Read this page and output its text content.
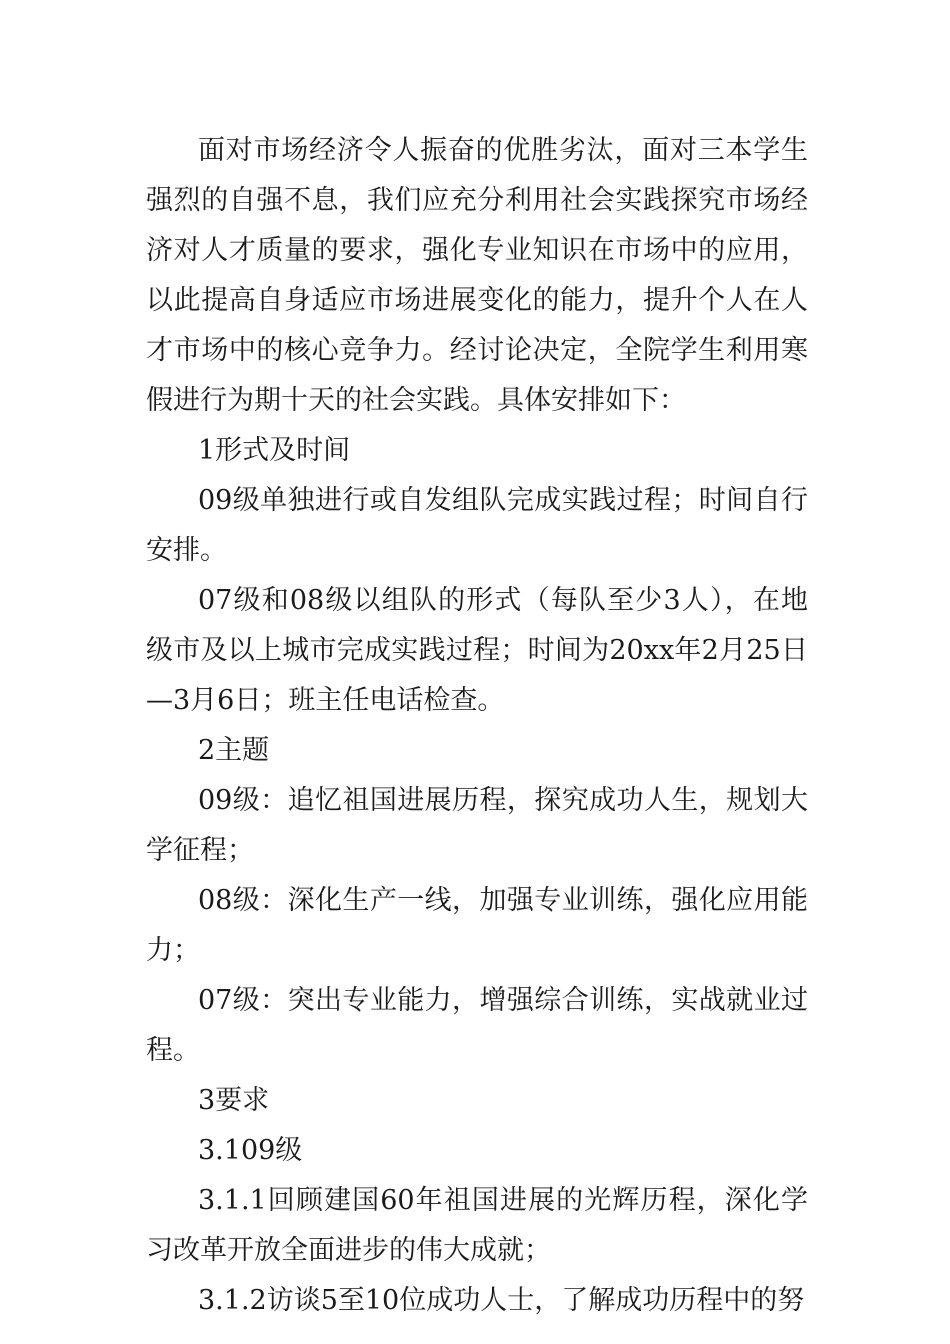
面对市场经济令人振奋的优胜劣汰，面对三本学生强烈的自强不息，我们应充分利用社会实践探究市场经济对人才质量的要求，强化专业知识在市场中的应用，以此提高自身适应市场进展变化的能力，提升个人在人才市场中的核心竞争力。经讨论决定，全院学生利用寒假进行为期十天的社会实践。具体安排如下：

1形式及时间

09级单独进行或自发组队完成实践过程；时间自行安排。

07级和08级以组队的形式（每队至少3人），在地级市及以上城市完成实践过程；时间为20xx年2月25日—3月6日；班主任电话检查。

2主题

09级：追忆祖国进展历程，探究成功人生，规划大学征程；

08级：深化生产一线，加强专业训练，强化应用能力；

07级：突出专业能力，增强综合训练，实战就业过程。

3要求

3.109级

3.1.1回顾建国60年祖国进展的光辉历程，深化学习改革开放全面进步的伟大成就；

3.1.2访谈5至10位成功人士，了解成功历程中的努
